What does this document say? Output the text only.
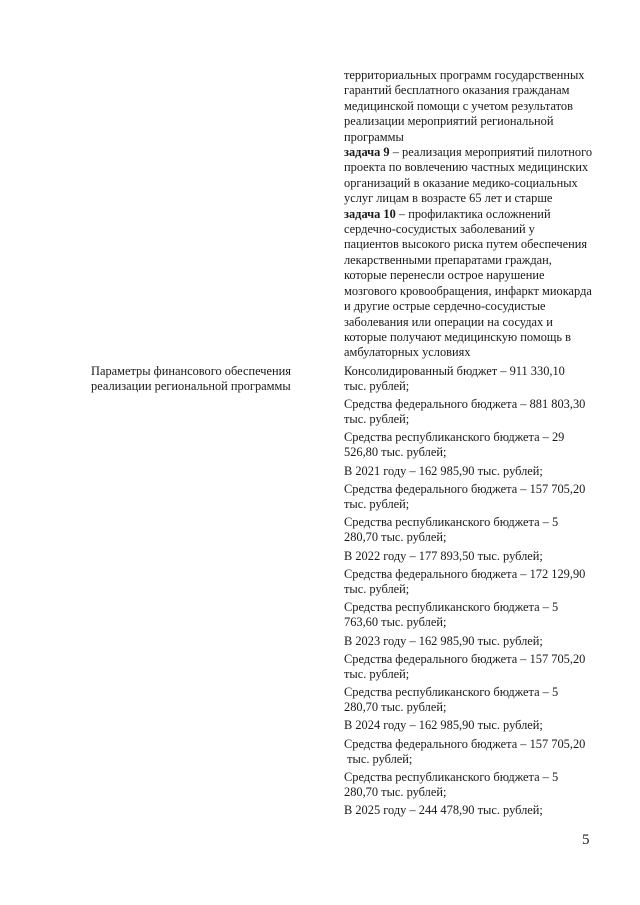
территориальных программ государственных
гарантий бесплатного оказания гражданам
медицинской помощи с учетом результатов
реализации мероприятий региональной
программы
задача 9 – реализация мероприятий пилотного
проекта по вовлечению частных медицинских
организаций в оказание медико-социальных
услуг лицам в возрасте 65 лет и старше
задача 10 – профилактика осложнений
сердечно-сосудистых заболеваний у
пациентов высокого риска путем обеспечения
лекарственными препаратами граждан,
которые перенесли острое нарушение
мозгового кровообращения, инфаркт миокарда
и другие острые сердечно-сосудистые
заболевания или операции на сосудах и
которые получают медицинскую помощь в
амбулаторных условиях
Параметры финансового обеспечения
реализации региональной программы
Консолидированный бюджет – 911 330,10
тыс. рублей;
Средства федерального бюджета – 881 803,30
тыс. рублей;
Средства республиканского бюджета – 29
526,80 тыс. рублей;
В 2021 году – 162 985,90 тыс. рублей;
Средства федерального бюджета – 157 705,20
тыс. рублей;
Средства республиканского бюджета – 5
280,70 тыс. рублей;
В 2022 году – 177 893,50 тыс. рублей;
Средства федерального бюджета – 172 129,90
тыс. рублей;
Средства республиканского бюджета – 5
763,60 тыс. рублей;
В 2023 году – 162 985,90 тыс. рублей;
Средства федерального бюджета – 157 705,20
тыс. рублей;
Средства республиканского бюджета – 5
280,70 тыс. рублей;
В 2024 году – 162 985,90 тыс. рублей;
Средства федерального бюджета – 157 705,20
тыс. рублей;
Средства республиканского бюджета – 5
280,70 тыс. рублей;
В 2025 году – 244 478,90 тыс. рублей;
5
